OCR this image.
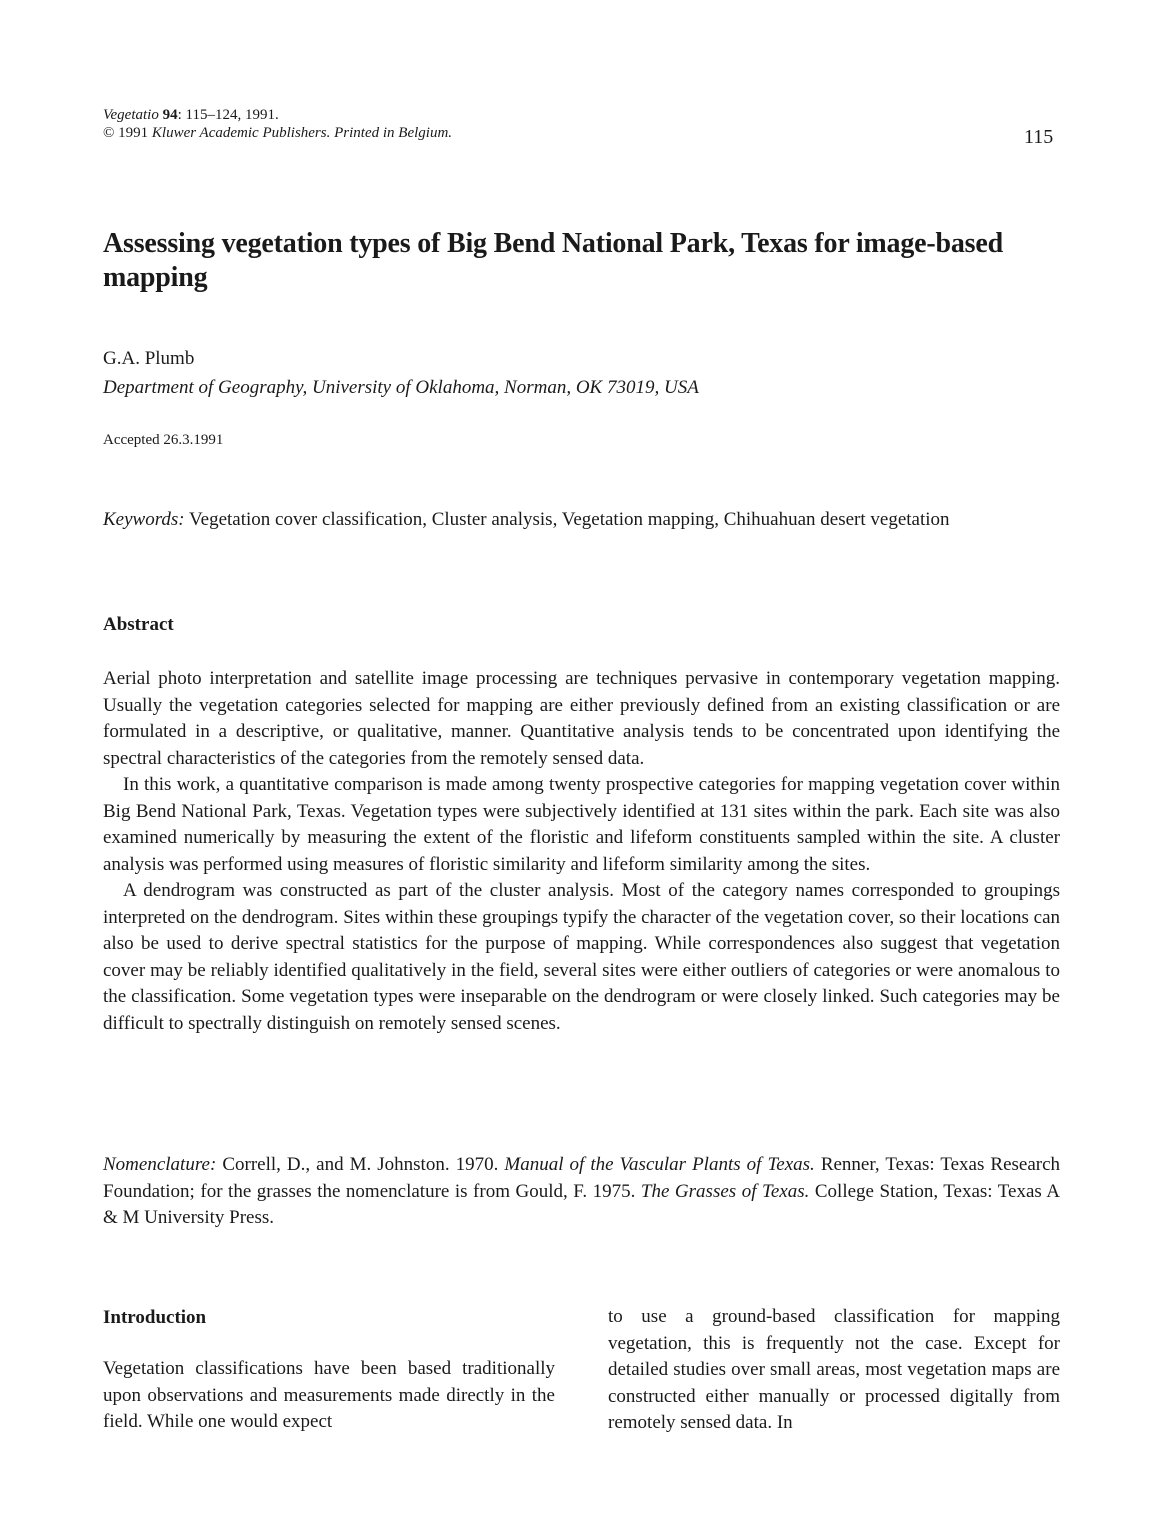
Vegetatio 94: 115–124, 1991.
© 1991 Kluwer Academic Publishers. Printed in Belgium.	115
Assessing vegetation types of Big Bend National Park, Texas for image-based mapping
G.A. Plumb
Department of Geography, University of Oklahoma, Norman, OK 73019, USA
Accepted 26.3.1991

Keywords: Vegetation cover classification, Cluster analysis, Vegetation mapping, Chihuahuan desert vegetation

Abstract

Aerial photo interpretation and satellite image processing are techniques pervasive in contemporary vegetation mapping. Usually the vegetation categories selected for mapping are either previously defined from an existing classification or are formulated in a descriptive, or qualitative, manner. Quantitative analysis tends to be concentrated upon identifying the spectral characteristics of the categories from the remotely sensed data.

In this work, a quantitative comparison is made among twenty prospective categories for mapping vegetation cover within Big Bend National Park, Texas. Vegetation types were subjectively identified at 131 sites within the park. Each site was also examined numerically by measuring the extent of the floristic and lifeform constituents sampled within the site. A cluster analysis was performed using measures of floristic similarity and lifeform similarity among the sites.

A dendrogram was constructed as part of the cluster analysis. Most of the category names corresponded to groupings interpreted on the dendrogram. Sites within these groupings typify the character of the vegetation cover, so their locations can also be used to derive spectral statistics for the purpose of mapping. While correspondences also suggest that vegetation cover may be reliably identified qualitatively in the field, several sites were either outliers of categories or were anomalous to the classification. Some vegetation types were inseparable on the dendrogram or were closely linked. Such categories may be difficult to spectrally distinguish on remotely sensed scenes.

Nomenclature: Correll, D., and M. Johnston. 1970. Manual of the Vascular Plants of Texas. Renner, Texas: Texas Research Foundation; for the grasses the nomenclature is from Gould, F. 1975. The Grasses of Texas. College Station, Texas: Texas A & M University Press.

Introduction

Vegetation classifications have been based traditionally upon observations and measurements made directly in the field. While one would expect

to use a ground-based classification for mapping vegetation, this is frequently not the case. Except for detailed studies over small areas, most vegetation maps are constructed either manually or processed digitally from remotely sensed data. In
